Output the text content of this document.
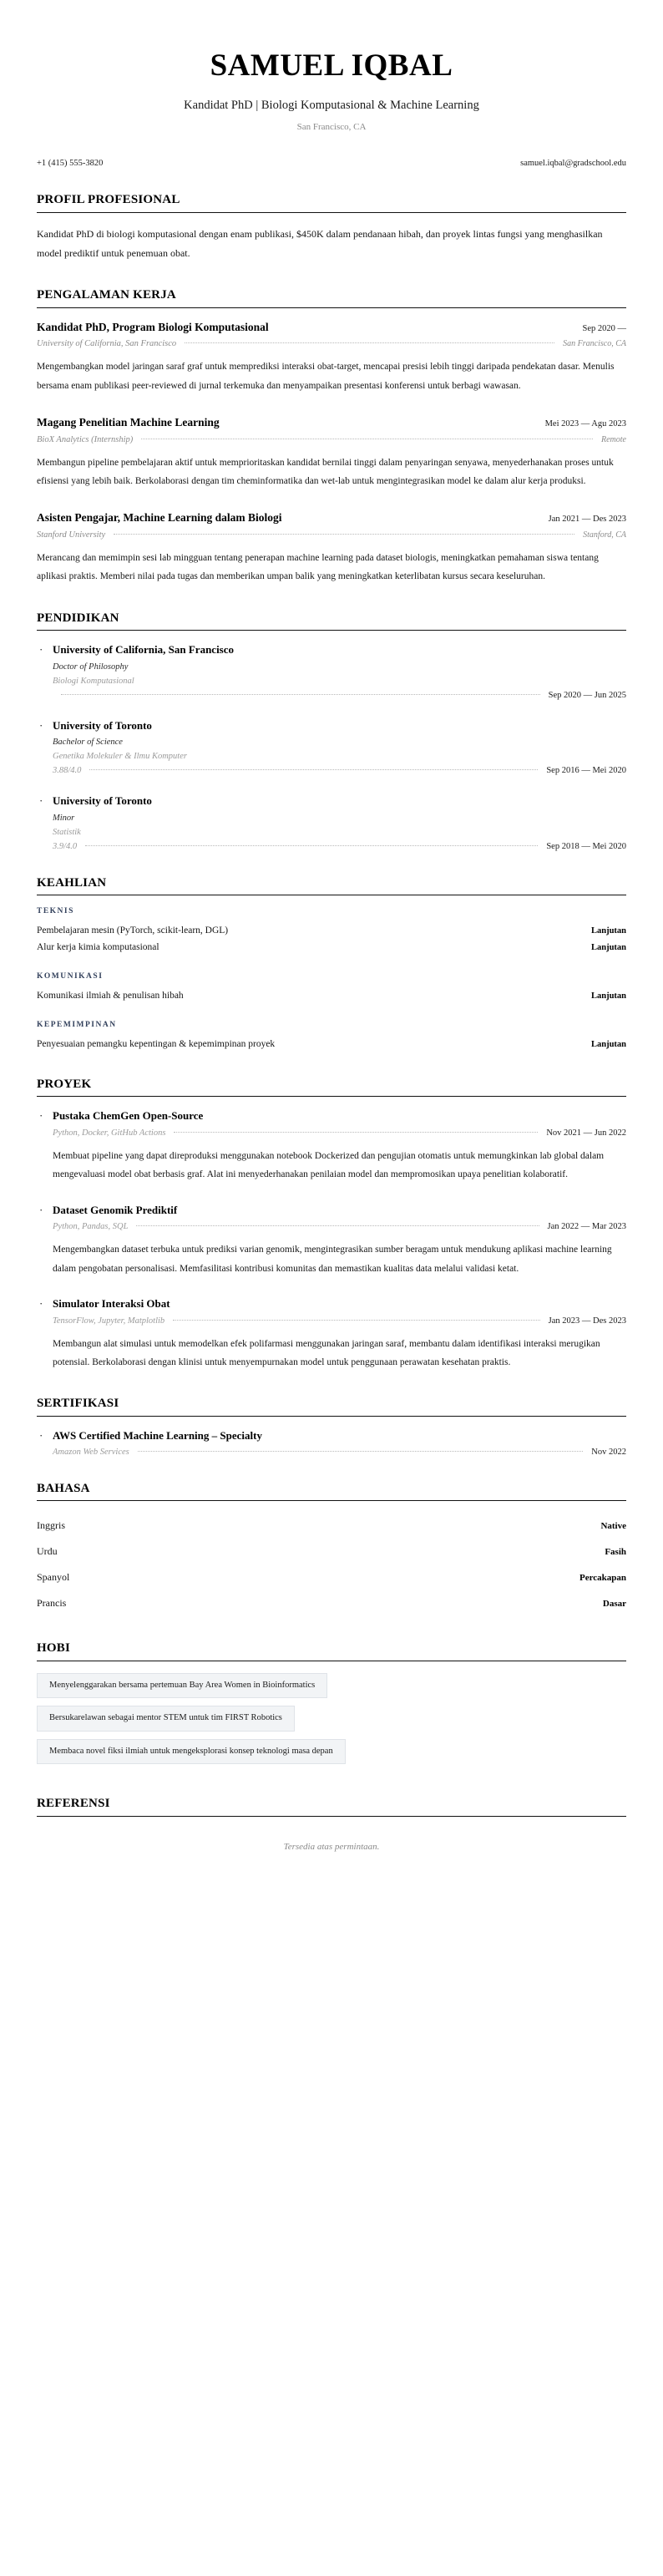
SAMUEL IQBAL
Kandidat PhD | Biologi Komputasional & Machine Learning
San Francisco, CA
+1 (415) 555-3820	samuel.iqbal@gradschool.edu
PROFIL PROFESIONAL
Kandidat PhD di biologi komputasional dengan enam publikasi, $450K dalam pendanaan hibah, dan proyek lintas fungsi yang menghasilkan model prediktif untuk penemuan obat.
PENGALAMAN KERJA
Kandidat PhD, Program Biologi Komputasional	Sep 2020 —
University of California, San Francisco	San Francisco, CA
Mengembangkan model jaringan saraf graf untuk memprediksi interaksi obat-target, mencapai presisi lebih tinggi daripada pendekatan dasar. Menulis bersama enam publikasi peer-reviewed di jurnal terkemuka dan menyampaikan presentasi konferensi untuk berbagi wawasan.
Magang Penelitian Machine Learning	Mei 2023 — Agu 2023
BioX Analytics (Internship)	Remote
Membangun pipeline pembelajaran aktif untuk memprioritaskan kandidat bernilai tinggi dalam penyaringan senyawa, menyederhanakan proses untuk efisiensi yang lebih baik. Berkolaborasi dengan tim cheminformatika dan wet-lab untuk mengintegrasikan model ke dalam alur kerja produksi.
Asisten Pengajar, Machine Learning dalam Biologi	Jan 2021 — Des 2023
Stanford University	Stanford, CA
Merancang dan memimpin sesi lab mingguan tentang penerapan machine learning pada dataset biologis, meningkatkan pemahaman siswa tentang aplikasi praktis. Memberi nilai pada tugas dan memberikan umpan balik yang meningkatkan keterlibatan kursus secara keseluruhan.
PENDIDIKAN
· University of California, San Francisco
Doctor of Philosophy
Biologi Komputasional
Sep 2020 — Jun 2025
· University of Toronto
Bachelor of Science
Genetika Molekuler & Ilmu Komputer
3.88/4.0	Sep 2016 — Mei 2020
· University of Toronto
Minor
Statistik
3.9/4.0	Sep 2018 — Mei 2020
KEAHLIAN
TEKNIS
Pembelajaran mesin (PyTorch, scikit-learn, DGL)	Lanjutan
Alur kerja kimia komputasional	Lanjutan
KOMUNIKASI
Komunikasi ilmiah & penulisan hibah	Lanjutan
KEPEMIMPINAN
Penyesuaian pemangku kepentingan & kepemimpinan proyek	Lanjutan
PROYEK
· Pustaka ChemGen Open-Source
Python, Docker, GitHub Actions	Nov 2021 — Jun 2022
Membuat pipeline yang dapat direproduksi menggunakan notebook Dockerized dan pengujian otomatis untuk memungkinkan lab global dalam mengevaluasi model obat berbasis graf. Alat ini menyederhanakan penilaian model dan mempromosikan upaya penelitian kolaboratif.
· Dataset Genomik Prediktif
Python, Pandas, SQL	Jan 2022 — Mar 2023
Mengembangkan dataset terbuka untuk prediksi varian genomik, mengintegrasikan sumber beragam untuk mendukung aplikasi machine learning dalam pengobatan personalisasi. Memfasilitasi kontribusi komunitas dan memastikan kualitas data melalui validasi ketat.
· Simulator Interaksi Obat
TensorFlow, Jupyter, Matplotlib	Jan 2023 — Des 2023
Membangun alat simulasi untuk memodelkan efek polifarmasi menggunakan jaringan saraf, membantu dalam identifikasi interaksi merugikan potensial. Berkolaborasi dengan klinisi untuk menyempurnakan model untuk penggunaan perawatan kesehatan praktis.
SERTIFIKASI
· AWS Certified Machine Learning – Specialty
Amazon Web Services	Nov 2022
BAHASA
Inggris	Native
Urdu	Fasih
Spanyol	Percakapan
Prancis	Dasar
HOBI
Menyelenggarakan bersama pertemuan Bay Area Women in Bioinformatics
Bersukarelawan sebagai mentor STEM untuk tim FIRST Robotics
Membaca novel fiksi ilmiah untuk mengeksplorasi konsep teknologi masa depan
REFERENSI
Tersedia atas permintaan.
